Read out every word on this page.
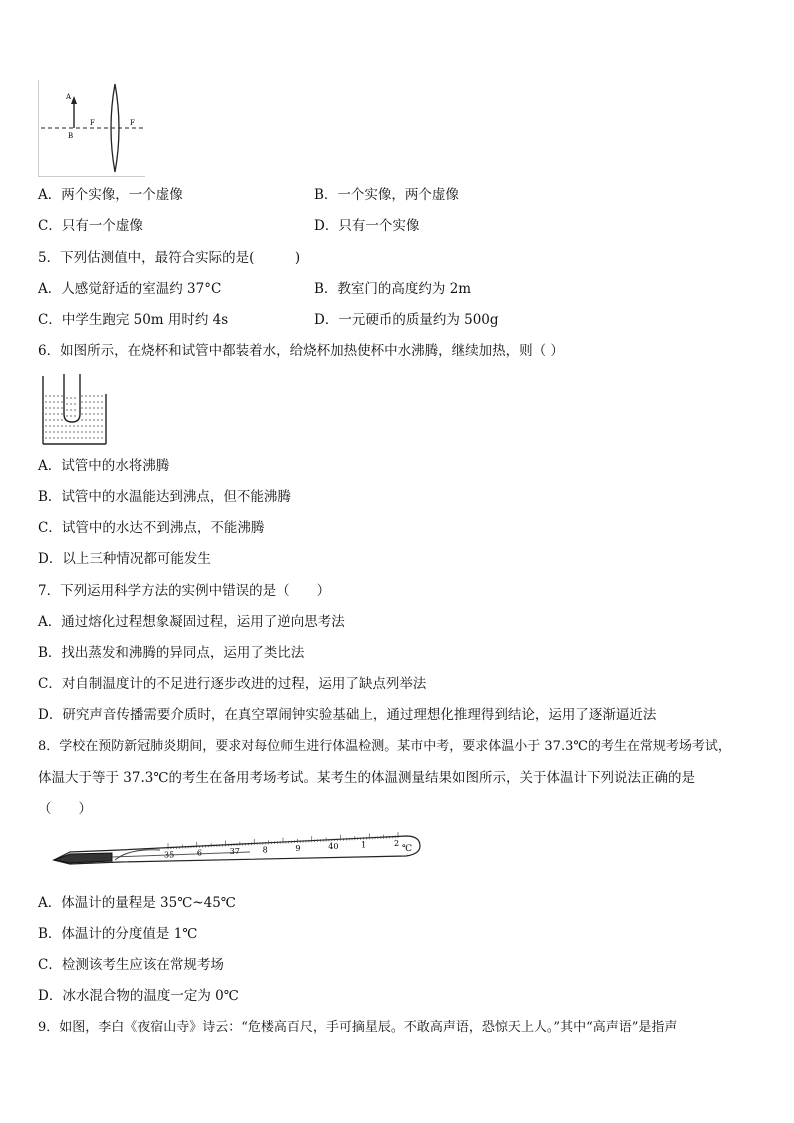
A
B
F	F
A．两个实像，一个虚像	B．一个实像，两个虚像
C．只有一个虚像	D．只有一个实像
5．下列估测值中，最符合实际的是(　　　)
A．人感觉舒适的室温约 37°C	B．教室门的高度约为 2m
C．中学生跑完 50m 用时约 4s	D．一元硬币的质量约为 500g
6．如图所示，在烧杯和试管中都装着水，给烧杯加热使杯中水沸腾，继续加热，则（ ）
A．试管中的水将沸腾
B．试管中的水温能达到沸点，但不能沸腾
C．试管中的水达不到沸点，不能沸腾
D．以上三种情况都可能发生
7．下列运用科学方法的实例中错误的是（　　）
A．通过熔化过程想象凝固过程，运用了逆向思考法
B．找出蒸发和沸腾的异同点，运用了类比法
C．对自制温度计的不足进行逐步改进的过程，运用了缺点列举法
D．研究声音传播需要介质时，在真空罩闹钟实验基础上，通过理想化推理得到结论，运用了逐渐逼近法
8．学校在预防新冠肺炎期间，要求对每位师生进行体温检测。某市中考，要求体温小于 37.3℃的考生在常规考场考试，
体温大于等于 37.3℃的考生在备用考场考试。某考生的体温测量结果如图所示，关于体温计下列说法正确的是
（　　）
35	6	37	8	9	40	1	2
℃
A．体温计的量程是 35℃~45℃
B．体温计的分度值是 1℃
C．检测该考生应该在常规考场
D．冰水混合物的温度一定为 0℃
9．如图，李白《夜宿山寺》诗云：“危楼高百尺，手可摘星辰。不敢高声语，恐惊天上人。”其中“高声语”是指声
